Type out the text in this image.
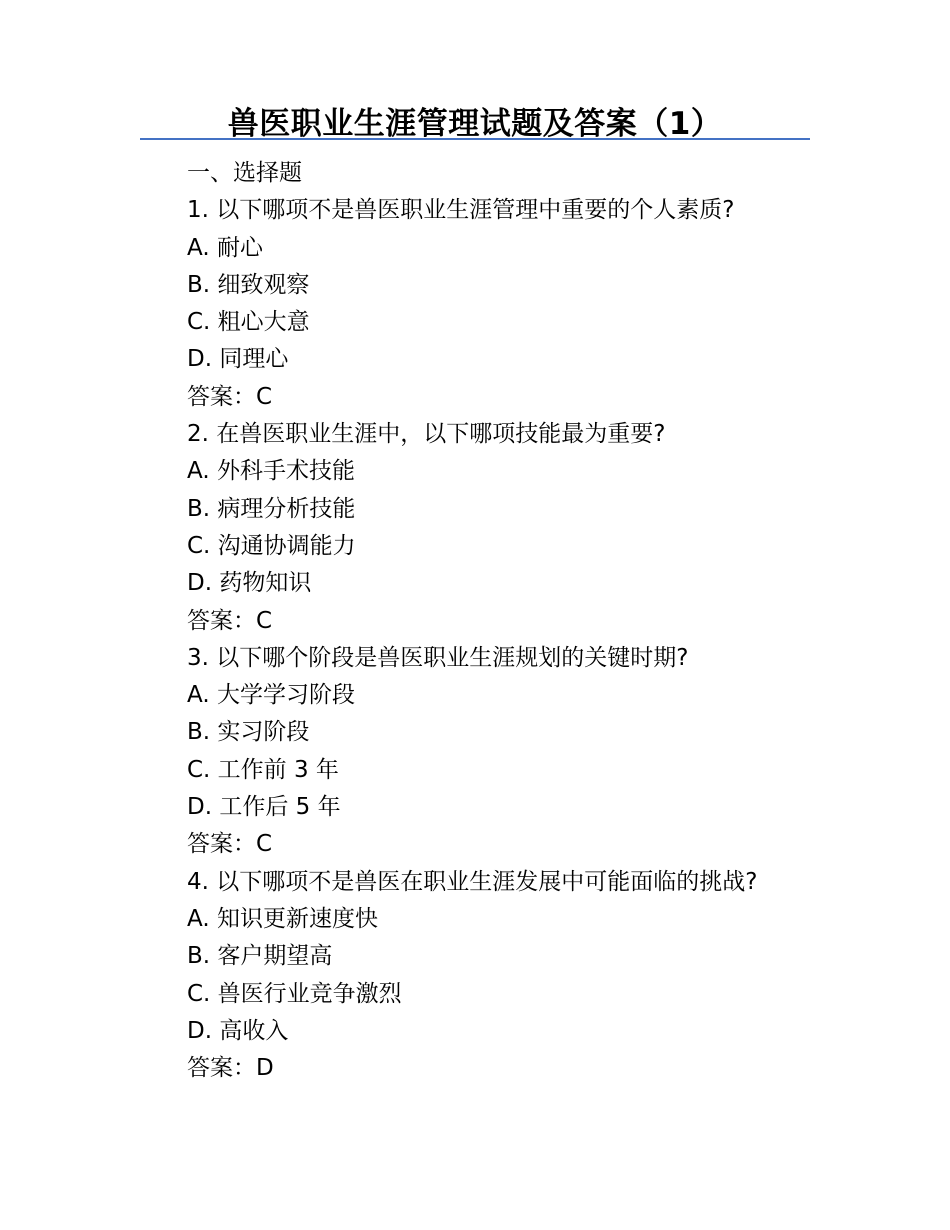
兽医职业生涯管理试题及答案（1）
一、选择题
1. 以下哪项不是兽医职业生涯管理中重要的个人素质?
A. 耐心
B. 细致观察
C. 粗心大意
D. 同理心
答案：C
2. 在兽医职业生涯中，以下哪项技能最为重要?
A. 外科手术技能
B. 病理分析技能
C. 沟通协调能力
D. 药物知识
答案：C
3. 以下哪个阶段是兽医职业生涯规划的关键时期?
A. 大学学习阶段
B. 实习阶段
C. 工作前 3 年
D. 工作后 5 年
答案：C
4. 以下哪项不是兽医在职业生涯发展中可能面临的挑战?
A. 知识更新速度快
B. 客户期望高
C. 兽医行业竞争激烈
D. 高收入
答案：D
